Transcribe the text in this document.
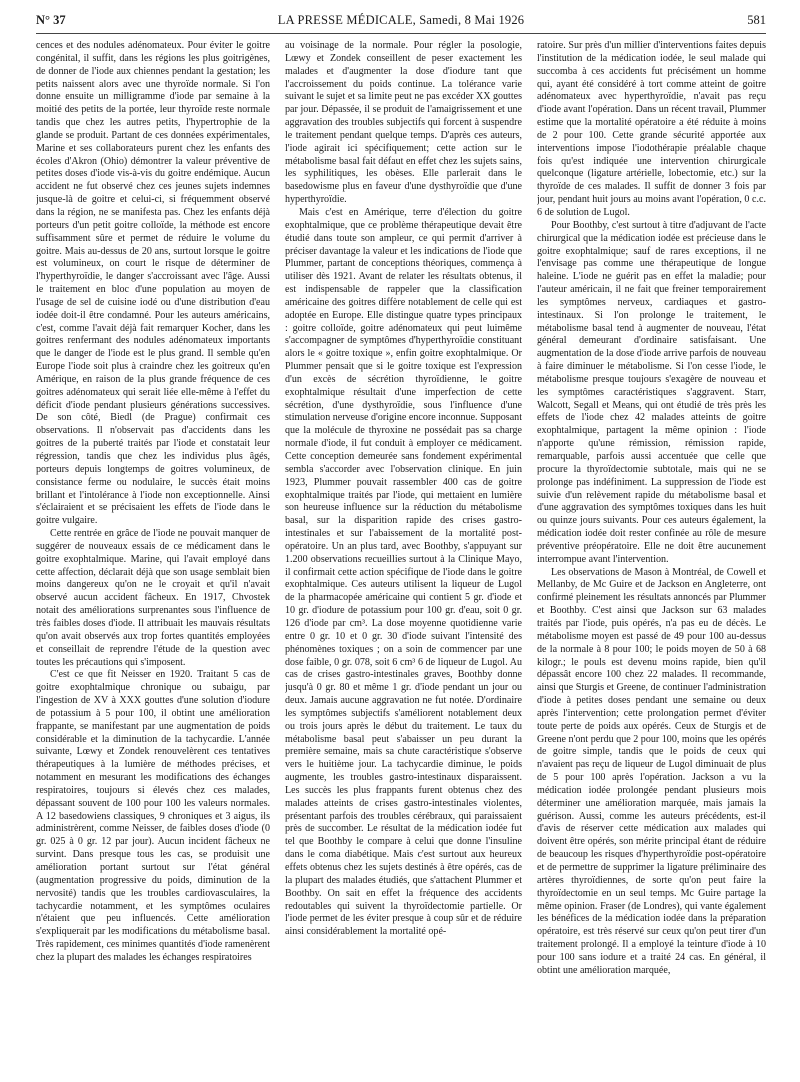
N° 37	LA PRESSE MÉDICALE, Samedi, 8 Mai 1926	581

cences et des nodules adénomateux. Pour éviter le goitre congénital, il suffit, dans les régions les plus goitrigènes, de donner de l'iode aux chiennes pendant la gestation; les petits naissent alors avec une thyroïde normale. Si l'on donne ensuite un milligramme d'iode par semaine à la moitié des petits de la portée, leur thyroïde reste normale tandis que chez les autres petits, l'hypertrophie de la glande se produit. Partant de ces données expérimentales, Marine et ses collaborateurs purent chez les enfants des écoles d'Akron (Ohio) démontrer la valeur préventive de petites doses d'iode vis-à-vis du goitre endémique. Aucun accident ne fut observé chez ces jeunes sujets indemnes jusque-là de goitre et celui-ci, si fréquemment observé dans la région, ne se manifesta pas. Chez les enfants déjà porteurs d'un petit goitre colloïde, la méthode est encore suffisamment sûre et permet de réduire le volume du goitre. Mais au-dessus de 20 ans, surtout lorsque le goitre est volumineux, on court le risque de déterminer de l'hyperthyroïdie, le danger s'accroissant avec l'âge. Aussi le traitement en bloc d'une population au moyen de l'usage de sel de cuisine iodé ou d'une distribution d'eau iodée doit-il être condamné. Pour les auteurs américains, c'est, comme l'avait déjà fait remarquer Kocher, dans les goitres renfermant des nodules adénomateux importants que le danger de l'iode est le plus grand. Il semble qu'en Europe l'iode soit plus à craindre chez les goitreux qu'en Amérique, en raison de la plus grande fréquence de ces goitres adénomateux qui serait liée elle-même à l'effet du déficit d'iode pendant plusieurs générations successives. De son côté, Biedl (de Prague) confirmait ces observations. Il n'observait pas d'accidents dans les goitres de la puberté traités par l'iode et constatait leur régression, tandis que chez les individus plus âgés, porteurs depuis longtemps de goitres volumineux, de consistance ferme ou nodulaire, le succès était moins brillant et l'intolérance à l'iode non exceptionnelle. Ainsi s'éclairaient et se précisaient les effets de l'iode dans le goitre vulgaire.

Cette rentrée en grâce de l'iode ne pouvait manquer de suggérer de nouveaux essais de ce médicament dans le goitre exophtalmique. Marine, qui l'avait employé dans cette affection, déclarait déjà que son usage semblait bien moins dangereux qu'on ne le croyait et qu'il n'avait observé aucun accident fâcheux. En 1917, Chvostek notait des améliorations surprenantes sous l'influence de très faibles doses d'iode. Il attribuait les mauvais résultats qu'on avait observés aux trop fortes quantités employées et conseillait de reprendre l'étude de la question avec toutes les précautions qui s'imposent.

C'est ce que fit Neisser en 1920. Traitant 5 cas de goitre exophtalmique chronique ou subaigu, par l'ingestion de XV à XXX gouttes d'une solution d'iodure de potassium à 5 pour 100, il obtint une amélioration frappante, se manifestant par une augmentation de poids considérable et la diminution de la tachycardie. L'année suivante, Lœwy et Zondek renouvelèrent ces tentatives thérapeutiques à la lumière de méthodes précises, et notamment en mesurant les modifications des échanges respiratoires, toujours si élevés chez ces malades, dépassant souvent de 100 pour 100 les valeurs normales. A 12 basedowiens classiques, 9 chroniques et 3 aigus, ils administrèrent, comme Neisser, de faibles doses d'iode (0 gr. 025 à 0 gr. 12 par jour). Aucun incident fâcheux ne survint. Dans presque tous les cas, se produisit une amélioration portant surtout sur l'état général (augmentation progressive du poids, diminution de la nervosité) tandis que les troubles cardiovasculaires, la tachycardie notamment, et les symptômes oculaires n'étaient que peu influencés. Cette amélioration s'expliquerait par les modifications du métabolisme basal. Très rapidement, ces minimes quantités d'iode ramenèrent chez la plupart des malades les échanges respiratoires

au voisinage de la normale. Pour régler la posologie, Lœwy et Zondek conseillent de peser exactement les malades et d'augmenter la dose d'iodure tant que l'accroissement du poids continue. La tolérance varie suivant le sujet et sa limite peut ne pas excéder XX gouttes par jour. Dépassée, il se produit de l'amaigrissement et une aggravation des troubles subjectifs qui forcent à suspendre le traitement pendant quelque temps. D'après ces auteurs, l'iode agirait ici spécifiquement; cette action sur le métabolisme basal fait défaut en effet chez les sujets sains, les syphilitiques, les obèses. Elle parlerait dans le basedowisme plus en faveur d'une dysthyroïdie que d'une hyperthyroïdie.

Mais c'est en Amérique, terre d'élection du goitre exophtalmique, que ce problème thérapeutique devait être étudié dans toute son ampleur, ce qui permit d'arriver à préciser davantage la valeur et les indications de l'iode que Plummer, partant de conceptions théoriques, commença à utiliser dès 1921. Avant de relater les résultats obtenus, il est indispensable de rappeler que la classification américaine des goitres diffère notablement de celle qui est adoptée en Europe. Elle distingue quatre types principaux : goitre colloïde, goitre adénomateux qui peut luimême s'accompagner de symptômes d'hyperthyroïdie constituant alors le « goitre toxique », enfin goitre exophtalmique. Or Plummer pensait que si le goitre toxique est l'expression d'un excès de sécrétion thyroïdienne, le goitre exophtalmique résultait d'une imperfection de cette sécrétion, d'une dysthyroïdie, sous l'influence d'une stimulation nerveuse d'origine encore inconnue. Supposant que la molécule de thyroxine ne possédait pas sa charge normale d'iode, il fut conduit à employer ce médicament. Cette conception demeurée sans fondement expérimental sembla s'accorder avec l'observation clinique. En juin 1923, Plummer pouvait rassembler 400 cas de goitre exophtalmique traités par l'iode, qui mettaient en lumière son heureuse influence sur la réduction du métabolisme basal, sur la disparition rapide des crises gastro-intestinales et sur l'abaissement de la mortalité post-opératoire. Un an plus tard, avec Boothby, s'appuyant sur 1.200 observations recueillies surtout à la Clinique Mayo, il confirmait cette action spécifique de l'iode dans le goitre exophtalmique. Ces auteurs utilisent la liqueur de Lugol de la pharmacopée américaine qui contient 5 gr. d'iode et 10 gr. d'iodure de potassium pour 100 gr. d'eau, soit 0 gr. 126 d'iode par cm³. La dose moyenne quotidienne varie entre 0 gr. 10 et 0 gr. 30 d'iode suivant l'intensité des phénomènes toxiques ; on a soin de commencer par une dose faible, 0 gr. 078, soit 6 cm³ 6 de liqueur de Lugol. Au cas de crises gastro-intestinales graves, Boothby donne jusqu'à 0 gr. 80 et même 1 gr. d'iode pendant un jour ou deux. Jamais aucune aggravation ne fut notée. D'ordinaire les symptômes subjectifs s'améliorent notablement deux ou trois jours après le début du traitement. Le taux du métabolisme basal peut s'abaisser un peu durant la première semaine, mais sa chute caractéristique s'observe vers le huitième jour. La tachycardie diminue, le poids augmente, les troubles gastro-intestinaux disparaissent. Les succès les plus frappants furent obtenus chez des malades atteints de crises gastro-intestinales violentes, présentant parfois des troubles cérébraux, qui paraissaient près de succomber. Le résultat de la médication iodée fut tel que Boothby le compare à celui que donne l'insuline dans le coma diabétique. Mais c'est surtout aux heureux effets obtenus chez les sujets destinés à être opérés, cas de la plupart des malades étudiés, que s'attachent Plummer et Boothby. On sait en effet la fréquence des accidents redoutables qui suivent la thyroïdectomie partielle. Or l'iode permet de les éviter presque à coup sûr et de réduire ainsi considérablement la mortalité opé-

ratoire. Sur près d'un millier d'interventions faites depuis l'institution de la médication iodée, le seul malade qui succomba à ces accidents fut précisément un homme qui, ayant été considéré à tort comme atteint de goitre adénomateux avec hyperthyroïdie, n'avait pas reçu d'iode avant l'opération. Dans un récent travail, Plummer estime que la mortalité opératoire a été réduite à moins de 2 pour 100. Cette grande sécurité apportée aux interventions impose l'iodothérapie préalable chaque fois qu'est indiquée une intervention chirurgicale quelconque (ligature artérielle, lobectomie, etc.) sur la thyroïde de ces malades. Il suffit de donner 3 fois par jour, pendant huit jours au moins avant l'opération, 0 c.c. 6 de solution de Lugol.

Pour Boothby, c'est surtout à titre d'adjuvant de l'acte chirurgical que la médication iodée est précieuse dans le goitre exophtalmique; sauf de rares exceptions, il ne l'envisage pas comme une thérapeutique de longue haleine. L'iode ne guérit pas en effet la maladie; pour l'auteur américain, il ne fait que freiner temporairement les symptômes nerveux, cardiaques et gastro-intestinaux. Si l'on prolonge le traitement, le métabolisme basal tend à augmenter de nouveau, l'état général demeurant d'ordinaire satisfaisant. Une augmentation de la dose d'iode arrive parfois de nouveau à faire diminuer le métabolisme. Si l'on cesse l'iode, le métabolisme presque toujours s'exagère de nouveau et les symptômes caractéristiques s'aggravent. Starr, Walcott, Segall et Means, qui ont étudié de très près les effets de l'iode chez 42 malades atteints de goitre exophtalmique, partagent la même opinion : l'iode n'apporte qu'une rémission, rémission rapide, remarquable, parfois aussi accentuée que celle que procure la thyroïdectomie subtotale, mais qui ne se prolonge pas indéfiniment. La suppression de l'iode est suivie d'un relèvement rapide du métabolisme basal et d'une aggravation des symptômes toxiques dans les huit ou quinze jours suivants. Pour ces auteurs également, la médication iodée doit rester confinée au rôle de mesure préventive préopératoire. Elle ne doit être aucunement interrompue avant l'intervention.

Les observations de Mason à Montréal, de Cowell et Mellanby, de Mc Guire et de Jackson en Angleterre, ont confirmé pleinement les résultats annoncés par Plummer et Boothby. C'est ainsi que Jackson sur 63 malades traités par l'iode, puis opérés, n'a pas eu de décès. Le métabolisme moyen est passé de 49 pour 100 au-dessus de la normale à 8 pour 100; le poids moyen de 50 à 68 kilogr.; le pouls est devenu moins rapide, bien qu'il dépassât encore 100 chez 22 malades. Il recommande, ainsi que Sturgis et Greene, de continuer l'administration d'iode à petites doses pendant une semaine ou deux après l'intervention; cette prolongation permet d'éviter toute perte de poids aux opérés. Ceux de Sturgis et de Greene n'ont perdu que 2 pour 100, moins que les opérés de goitre simple, tandis que le poids de ceux qui n'avaient pas reçu de liqueur de Lugol diminuait de plus de 5 pour 100 après l'opération. Jackson a vu la médication iodée prolongée pendant plusieurs mois déterminer une amélioration marquée, mais jamais la guérison. Aussi, comme les auteurs précédents, est-il d'avis de réserver cette médication aux malades qui doivent être opérés, son mérite principal étant de réduire de beaucoup les risques d'hyperthyroïdie post-opératoire et de permettre de supprimer la ligature préliminaire des artères thyroïdiennes, de sorte qu'on peut faire la thyroïdectomie en un seul temps. Mc Guire partage la même opinion. Fraser (de Londres), qui vante également les bénéfices de la médication iodée dans la préparation opératoire, est très réservé sur ceux qu'on peut tirer d'un traitement prolongé. Il a employé la teinture d'iode à 10 pour 100 sans iodure et a traité 24 cas. En général, il obtint une amélioration marquée,
